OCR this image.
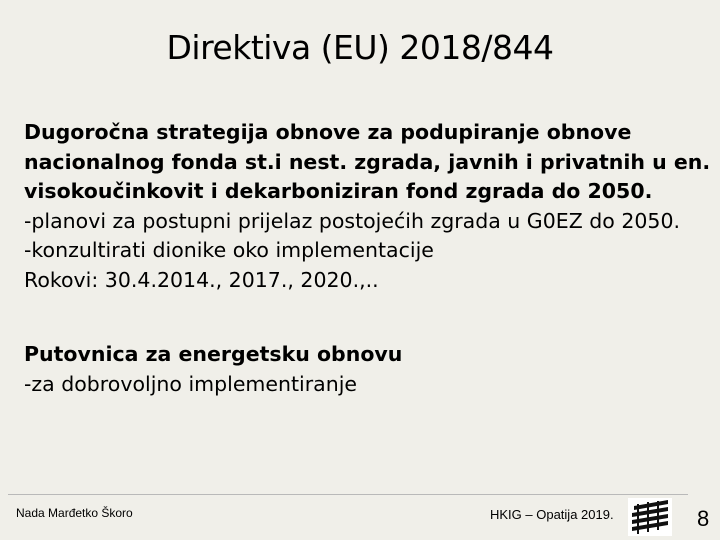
Direktiva (EU) 2018/844
Dugoročna strategija obnove za podupiranje obnove
nacionalnog fonda st.i nest. zgrada, javnih i privatnih u en.
visokoučinkovit i dekarboniziran fond zgrada do 2050.
-planovi za postupni prijelaz postojećih zgrada u G0EZ do 2050.
-konzultirati dionike oko implementacije
Rokovi: 30.4.2014., 2017., 2020.,..
Putovnica za energetsku obnovu
-za dobrovoljno implementiranje
Nada Marđetko Škoro	HKIG – Opatija 2019.	8
